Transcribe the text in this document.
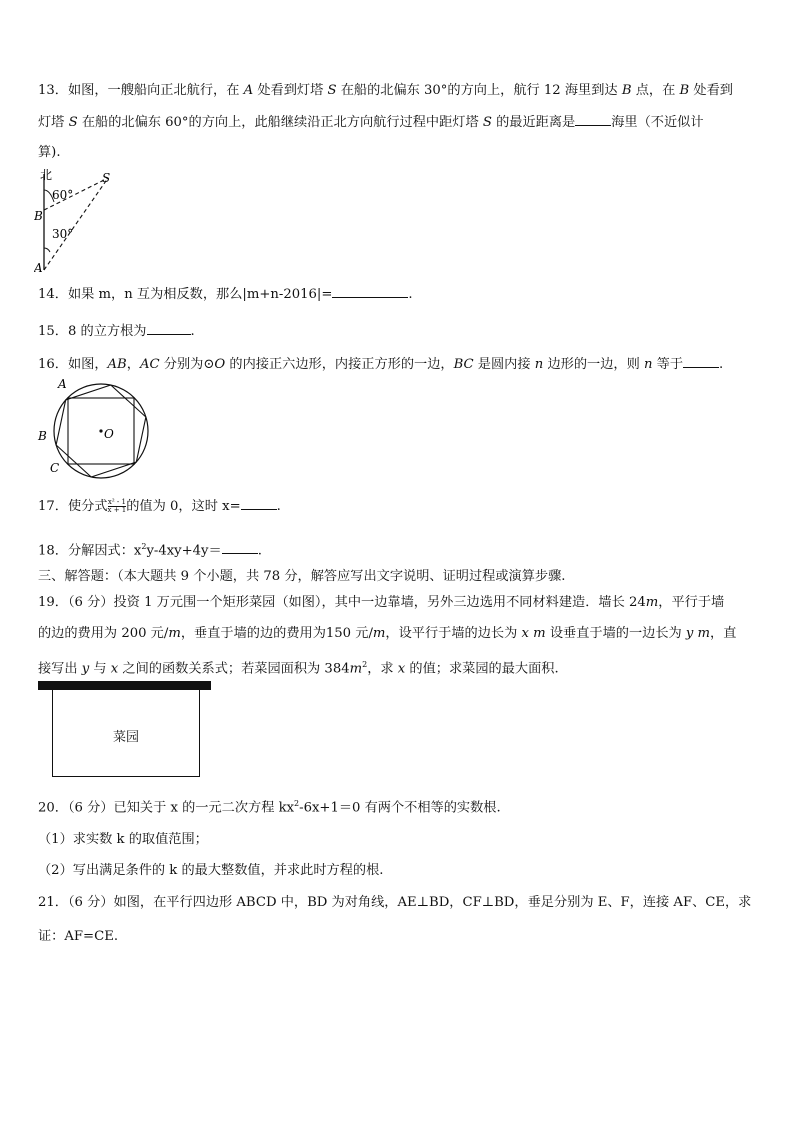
13．如图，一艘船向正北航行，在 A 处看到灯塔 S 在船的北偏东 30°的方向上，航行 12 海里到达 B 点，在 B 处看到
灯塔 S 在船的北偏东 60°的方向上，此船继续沿正北方向航行过程中距灯塔 S 的最近距离是	海里（不近似计
算).
北
60°
30°
S
B
A
14．如果 m，n 互为相反数，那么|m+n-2016|=	.
15．8 的立方根为	.
16．如图，AB，AC 分别为⊙O 的内接正六边形，内接正方形的一边，BC 是圆内接 n 边形的一边，则 n 等于	.
A
B
C
O
17．使分式 $\frac{\text{x² - 1}}{x + 1}$ 的值为 0，这时 x=	.
18．分解因式：$x^2y-4xy+4y=$	.
三、解答题：（本大题共 9 个小题，共 78 分，解答应写出文字说明、证明过程或演算步骤.
19．（6 分）投资 1 万元围一个矩形菜园（如图），其中一边靠墙，另外三边选用不同材料建造．墙长 24m，平行于墙
的边的费用为 200 元/m，垂直于墙的边的费用为150 元/m，设平行于墙的边长为 x m 设垂直于墙的一边长为 y m，直
接写出 y 与 x 之间的函数关系式；若菜园面积为 $384m^2$，求 x 的值；求菜园的最大面积.
菜园
20．（6 分）已知关于 x 的一元二次方程 $kx^2-6x+1=0$ 有两个不相等的实数根.
（1）求实数 k 的取值范围；
（2）写出满足条件的 k 的最大整数值，并求此时方程的根.
21．（6 分）如图，在平行四边形 ABCD 中，BD 为对角线，AE⊥BD，CF⊥BD，垂足分别为 E、F，连接 AF、CE，求
证：AF=CE.
